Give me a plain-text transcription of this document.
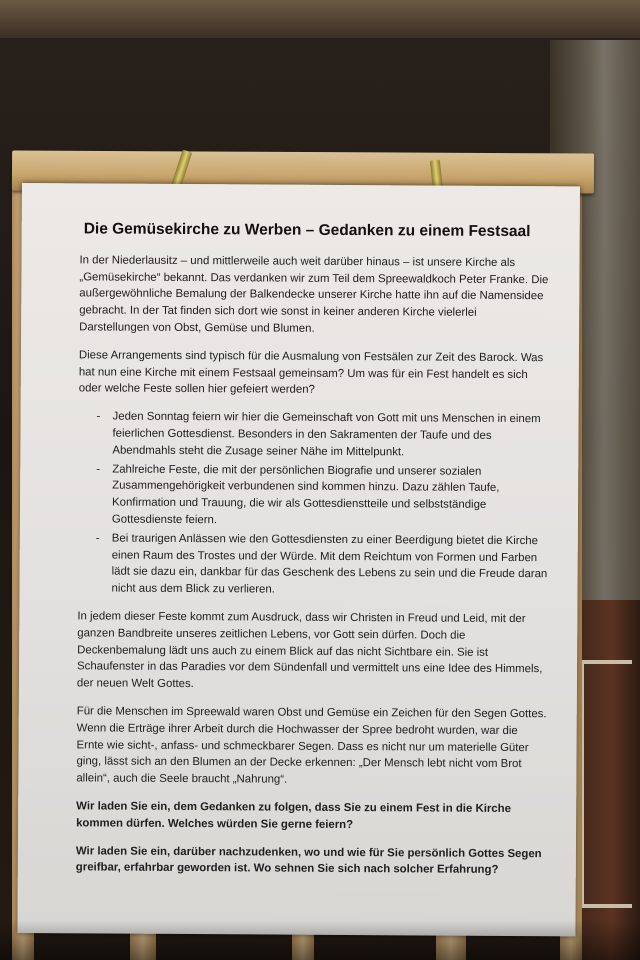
Die Gemüsekirche zu Werben – Gedanken zu einem Festsaal

In der Niederlausitz – und mittlerweile auch weit darüber hinaus – ist unsere Kirche als „Gemüsekirche“ bekannt. Das verdanken wir zum Teil dem Spreewaldkoch Peter Franke. Die außergewöhnliche Bemalung der Balkendecke unserer Kirche hatte ihn auf die Namensidee gebracht. In der Tat finden sich dort wie sonst in keiner anderen Kirche vielerlei Darstellungen von Obst, Gemüse und Blumen.

Diese Arrangements sind typisch für die Ausmalung von Festsälen zur Zeit des Barock. Was hat nun eine Kirche mit einem Festsaal gemeinsam? Um was für ein Fest handelt es sich oder welche Feste sollen hier gefeiert werden?

- Jeden Sonntag feiern wir hier die Gemeinschaft von Gott mit uns Menschen in einem feierlichen Gottesdienst. Besonders in den Sakramenten der Taufe und des Abendmahls steht die Zusage seiner Nähe im Mittelpunkt.
- Zahlreiche Feste, die mit der persönlichen Biografie und unserer sozialen Zusammengehörigkeit verbundenen sind kommen hinzu. Dazu zählen Taufe, Konfirmation und Trauung, die wir als Gottesdienstteile und selbstständige Gottesdienste feiern.
- Bei traurigen Anlässen wie den Gottesdiensten zu einer Beerdigung bietet die Kirche einen Raum des Trostes und der Würde. Mit dem Reichtum von Formen und Farben lädt sie dazu ein, dankbar für das Geschenk des Lebens zu sein und die Freude daran nicht aus dem Blick zu verlieren.

In jedem dieser Feste kommt zum Ausdruck, dass wir Christen in Freud und Leid, mit der ganzen Bandbreite unseres zeitlichen Lebens, vor Gott sein dürfen. Doch die Deckenbemalung lädt uns auch zu einem Blick auf das nicht Sichtbare ein. Sie ist Schaufenster in das Paradies vor dem Sündenfall und vermittelt uns eine Idee des Himmels, der neuen Welt Gottes.

Für die Menschen im Spreewald waren Obst und Gemüse ein Zeichen für den Segen Gottes. Wenn die Erträge ihrer Arbeit durch die Hochwasser der Spree bedroht wurden, war die Ernte wie sicht-, anfass- und schmeckbarer Segen. Dass es nicht nur um materielle Güter ging, lässt sich an den Blumen an der Decke erkennen: „Der Mensch lebt nicht vom Brot allein“, auch die Seele braucht „Nahrung“.

Wir laden Sie ein, dem Gedanken zu folgen, dass Sie zu einem Fest in die Kirche kommen dürfen. Welches würden Sie gerne feiern?

Wir laden Sie ein, darüber nachzudenken, wo und wie für Sie persönlich Gottes Segen greifbar, erfahrbar geworden ist. Wo sehnen Sie sich nach solcher Erfahrung?
